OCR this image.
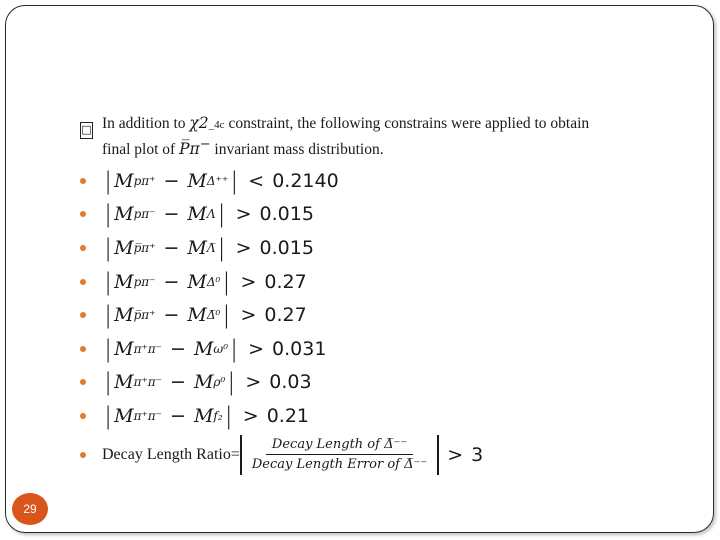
□ In addition to χ2_4c constraint, the following constrains were applied to obtain
final plot of P̅π− invariant mass distribution.
| M pπ⁺ − M Δ⁺⁺ | < 0.2140
| M pπ⁻ − M Λ | > 0.015
| M p̅π⁺ − M Λ̅ | > 0.015
| M pπ⁻ − M Δ⁰ | > 0.27
| M p̅π⁺ − M Δ̅⁰ | > 0.27
| M π⁺π⁻ − M ω⁰ | > 0.031
| M π⁺π⁻ − M ρ⁰ | > 0.03
| M π⁺π⁻ − M f₂ | > 0.21
Decay Length Ratio= $\frac{\text{Decay Length of Δ̅⁻⁻}}{\text{Decay Length Error of Δ̅⁻⁻}} > 3$
29
